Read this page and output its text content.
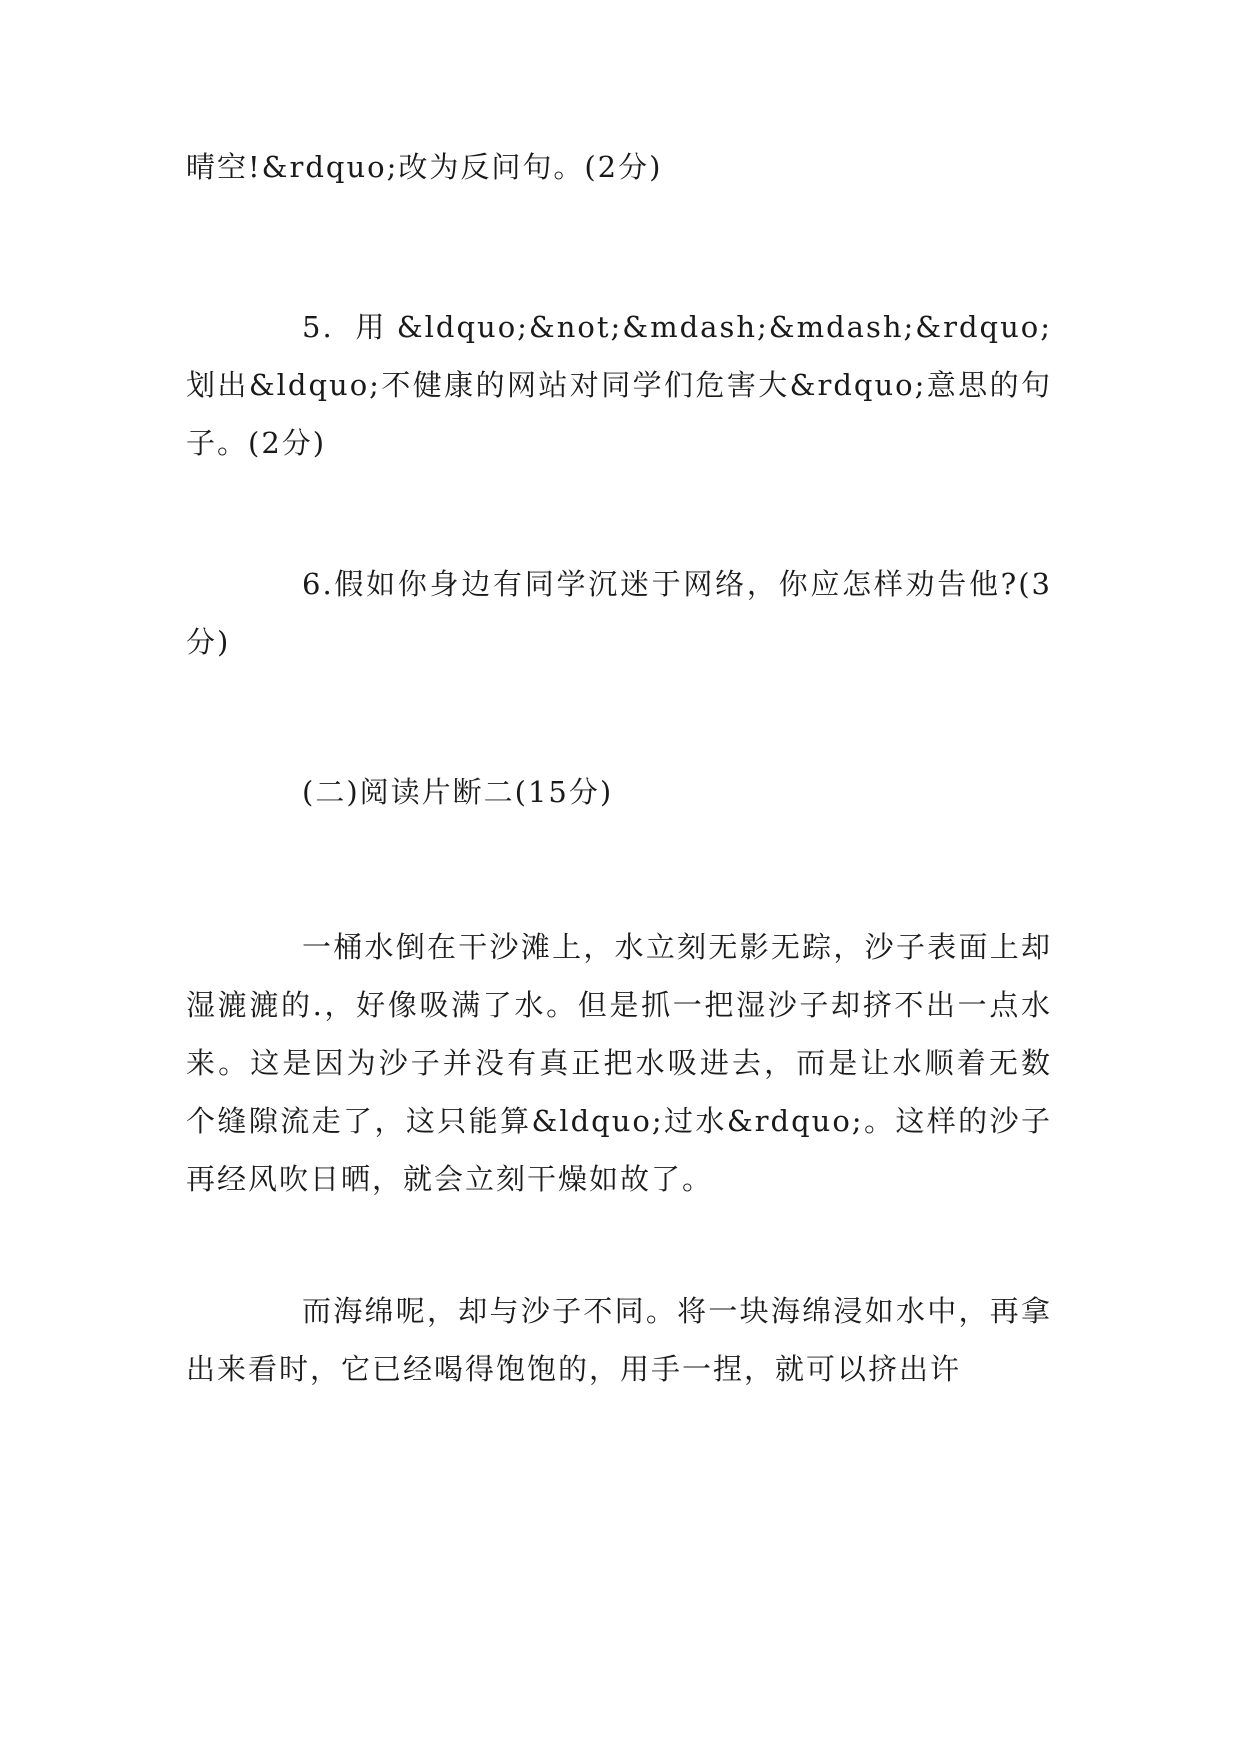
晴空!&rdquo;改为反问句。(2分)

5. 用&ldquo;&not;&mdash;&mdash;&rdquo;划出&ldquo;不健康的网站对同学们危害大&rdquo;意思的句子。(2分)

6.假如你身边有同学沉迷于网络，你应怎样劝告他?(3分)

(二)阅读片断二(15分)

一桶水倒在干沙滩上，水立刻无影无踪，沙子表面上却湿漉漉的.，好像吸满了水。但是抓一把湿沙子却挤不出一点水来。这是因为沙子并没有真正把水吸进去，而是让水顺着无数个缝隙流走了，这只能算&ldquo;过水&rdquo;。这样的沙子再经风吹日晒，就会立刻干燥如故了。

而海绵呢，却与沙子不同。将一块海绵浸如水中，再拿出来看时，它已经喝得饱饱的，用手一捏，就可以挤出许
